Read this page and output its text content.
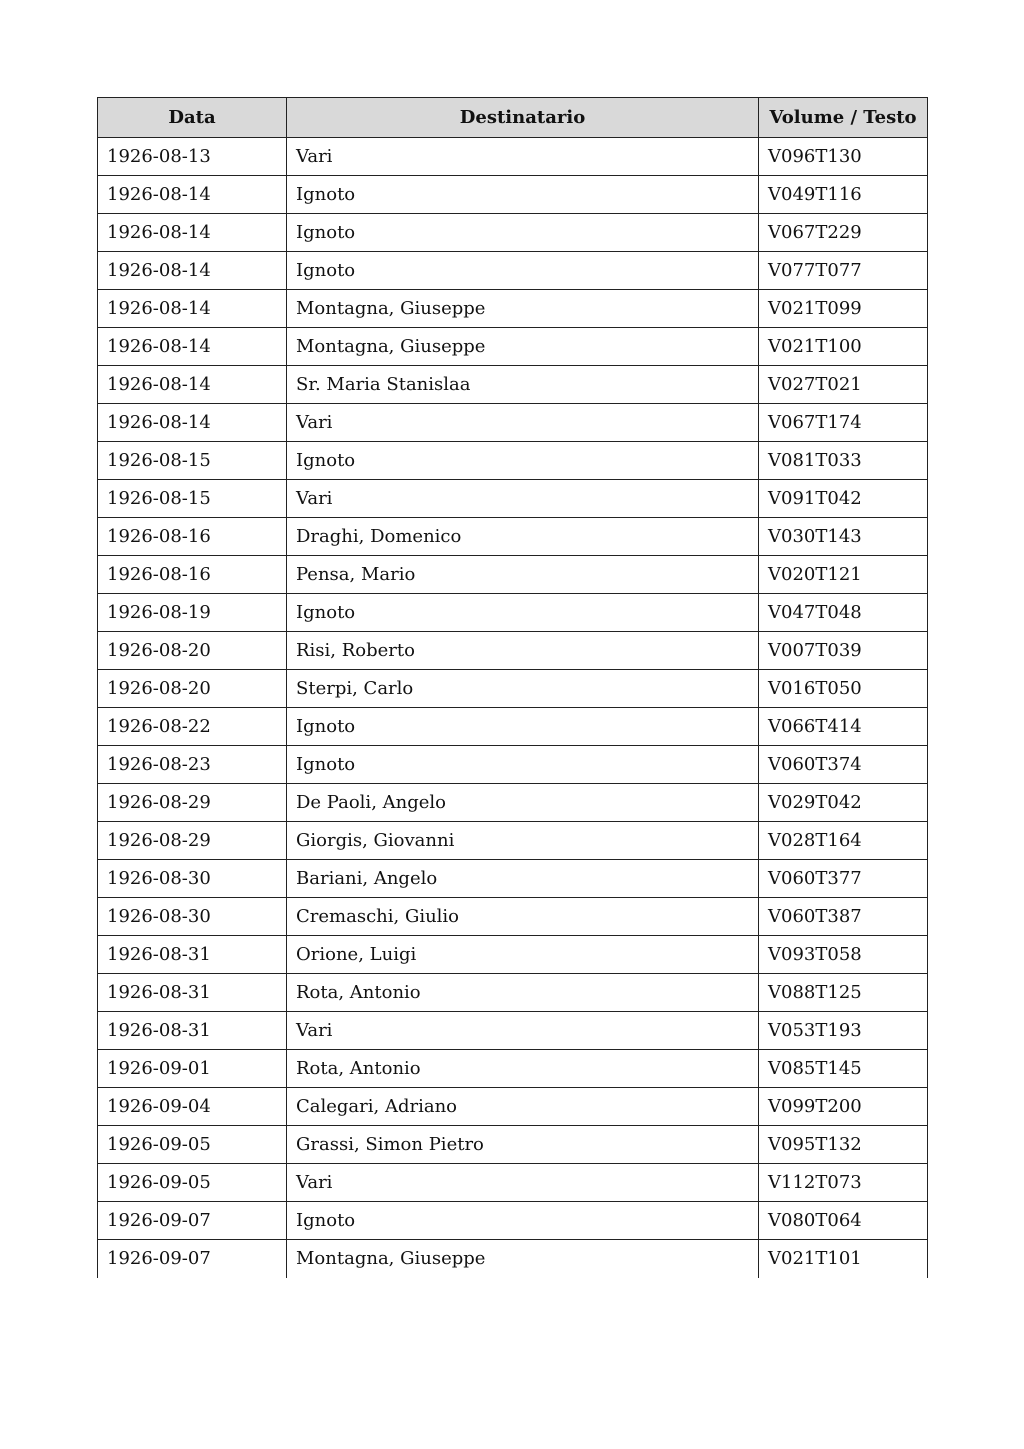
Data	Destinatario	Volume / Testo
1926-08-13	Vari	V096T130
1926-08-14	Ignoto	V049T116
1926-08-14	Ignoto	V067T229
1926-08-14	Ignoto	V077T077
1926-08-14	Montagna, Giuseppe	V021T099
1926-08-14	Montagna, Giuseppe	V021T100
1926-08-14	Sr. Maria Stanislaa	V027T021
1926-08-14	Vari	V067T174
1926-08-15	Ignoto	V081T033
1926-08-15	Vari	V091T042
1926-08-16	Draghi, Domenico	V030T143
1926-08-16	Pensa, Mario	V020T121
1926-08-19	Ignoto	V047T048
1926-08-20	Risi, Roberto	V007T039
1926-08-20	Sterpi, Carlo	V016T050
1926-08-22	Ignoto	V066T414
1926-08-23	Ignoto	V060T374
1926-08-29	De Paoli, Angelo	V029T042
1926-08-29	Giorgis, Giovanni	V028T164
1926-08-30	Bariani, Angelo	V060T377
1926-08-30	Cremaschi, Giulio	V060T387
1926-08-31	Orione, Luigi	V093T058
1926-08-31	Rota, Antonio	V088T125
1926-08-31	Vari	V053T193
1926-09-01	Rota, Antonio	V085T145
1926-09-04	Calegari, Adriano	V099T200
1926-09-05	Grassi, Simon Pietro	V095T132
1926-09-05	Vari	V112T073
1926-09-07	Ignoto	V080T064
1926-09-07	Montagna, Giuseppe	V021T101
